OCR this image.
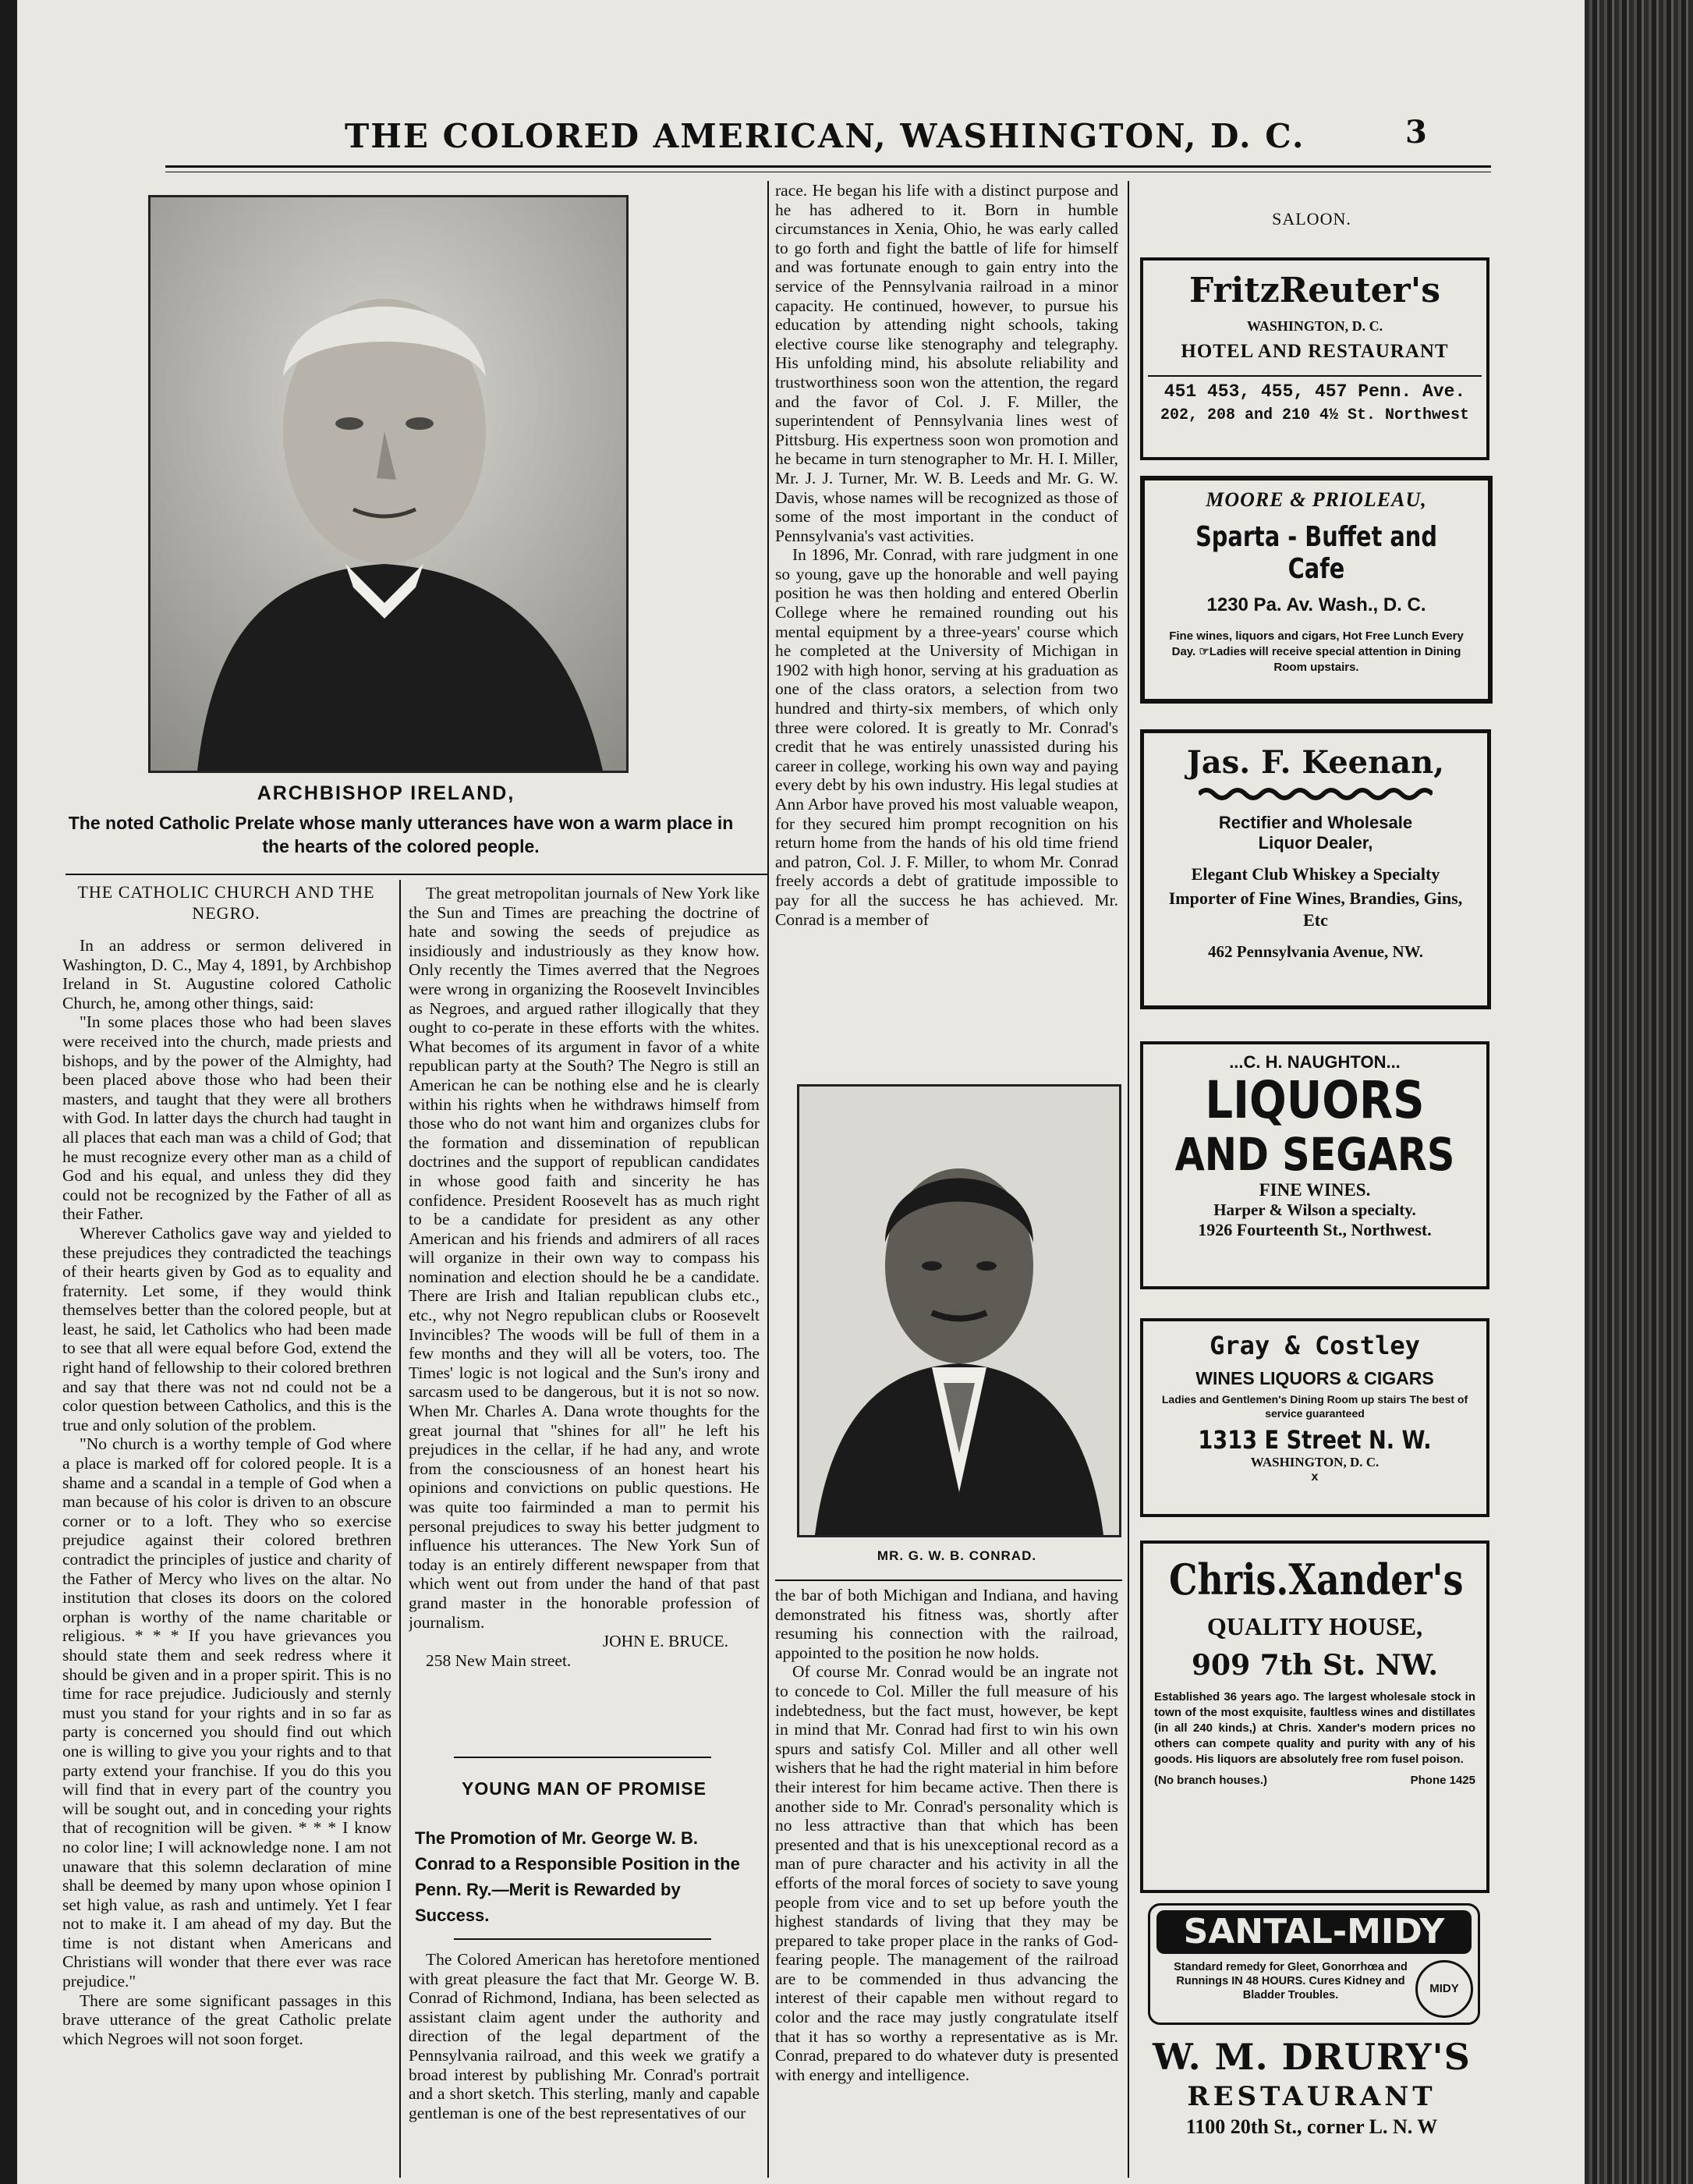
THE COLORED AMERICAN, WASHINGTON, D. C.	3
ARCHBISHOP IRELAND,
The noted Catholic Prelate whose manly utterances have won a warm place in the hearts of the colored people.
THE CATHOLIC CHURCH AND THE NEGRO.

In an address or sermon delivered in Washington, D. C., May 4, 1891, by Archbishop Ireland in St. Augustine colored Catholic Church, he, among other things, said:

"In some places those who had been slaves were received into the church, made priests and bishops, and by the power of the Almighty, had been placed above those who had been their masters, and taught that they were all brothers with God. In latter days the church had taught in all places that each man was a child of God; that he must recognize every other man as a child of God and his equal, and unless they did they could not be recognized by the Father of all as their Father.

Wherever Catholics gave way and yielded to these prejudices they contradicted the teachings of their hearts given by God as to equality and fraternity. Let some, if they would think themselves better than the colored people, but at least, he said, let Catholics who had been made to see that all were equal before God, extend the right hand of fellowship to their colored brethren and say that there was not nd could not be a color question between Catholics, and this is the true and only solution of the problem.

"No church is a worthy temple of God where a place is marked off for colored people. It is a shame and a scandal in a temple of God when a man because of his color is driven to an obscure corner or to a loft. They who so exercise prejudice against their colored brethren contradict the principles of justice and charity of the Father of Mercy who lives on the altar. No institution that closes its doors on the colored orphan is worthy of the name charitable or religious. * * * If you have grievances you should state them and seek redress where it should be given and in a proper spirit. This is no time for race prejudice. Judiciously and sternly must you stand for your rights and in so far as party is concerned you should find out which one is willing to give you your rights and to that party extend your franchise. If you do this you will find that in every part of the country you will be sought out, and in conceding your rights that of recognition will be given. * * * I know no color line; I will acknowledge none. I am not unaware that this solemn declaration of mine shall be deemed by many upon whose opinion I set high value, as rash and untimely. Yet I fear not to make it. I am ahead of my day. But the time is not distant when Americans and Christians will wonder that there ever was race prejudice."

There are some significant passages in this brave utterance of the great Catholic prelate which Negroes will not soon forget.

The great metropolitan journals of New York like the Sun and Times are preaching the doctrine of hate and sowing the seeds of prejudice as insidiously and industriously as they know how. Only recently the Times averred that the Negroes were wrong in organizing the Roosevelt Invincibles as Negroes, and argued rather illogically that they ought to co-perate in these efforts with the whites. What becomes of its argument in favor of a white republican party at the South? The Negro is still an American he can be nothing else and he is clearly within his rights when he withdraws himself from those who do not want him and organizes clubs for the formation and dissemination of republican doctrines and the support of republican candidates in whose good faith and sincerity he has confidence. President Roosevelt has as much right to be a candidate for president as any other American and his friends and admirers of all races will organize in their own way to compass his nomination and election should he be a candidate. There are Irish and Italian republican clubs etc., etc., why not Negro republican clubs or Roosevelt Invincibles? The woods will be full of them in a few months and they will all be voters, too. The Times' logic is not logical and the Sun's irony and sarcasm used to be dangerous, but it is not so now. When Mr. Charles A. Dana wrote thoughts for the great journal that "shines for all" he left his prejudices in the cellar, if he had any, and wrote from the consciousness of an honest heart his opinions and convictions on public questions. He was quite too fairminded a man to permit his personal prejudices to sway his better judgment to influence his utterances. The New York Sun of today is an entirely different newspaper from that which went out from under the hand of that past grand master in the honorable profession of journalism.

JOHN E. BRUCE.
258 New Main street.
YOUNG MAN OF PROMISE
The Promotion of Mr. George W. B. Conrad to a Responsible Position in the Penn. Ry.—Merit is Rewarded by Success.

The Colored American has heretofore mentioned with great pleasure the fact that Mr. George W. B. Conrad of Richmond, Indiana, has been selected as assistant claim agent under the authority and direction of the legal department of the Pennsylvania railroad, and this week we gratify a broad interest by publishing Mr. Conrad's portrait and a short sketch. This sterling, manly and capable gentleman is one of the best representatives of our

race. He began his life with a distinct purpose and he has adhered to it. Born in humble circumstances in Xenia, Ohio, he was early called to go forth and fight the battle of life for himself and was fortunate enough to gain entry into the service of the Pennsylvania railroad in a minor capacity. He continued, however, to pursue his education by attending night schools, taking elective course like stenography and telegraphy. His unfolding mind, his absolute reliability and trustworthiness soon won the attention, the regard and the favor of Col. J. F. Miller, the superintendent of Pennsylvania lines west of Pittsburg. His expertness soon won promotion and he became in turn stenographer to Mr. H. I. Miller, Mr. J. J. Turner, Mr. W. B. Leeds and Mr. G. W. Davis, whose names will be recognized as those of some of the most important in the conduct of Pennsylvania's vast activities.

In 1896, Mr. Conrad, with rare judgment in one so young, gave up the honorable and well paying position he was then holding and entered Oberlin College where he remained rounding out his mental equipment by a three-years' course which he completed at the University of Michigan in 1902 with high honor, serving at his graduation as one of the class orators, a selection from two hundred and thirty-six members, of which only three were colored. It is greatly to Mr. Conrad's credit that he was entirely unassisted during his career in college, working his own way and paying every debt by his own industry. His legal studies at Ann Arbor have proved his most valuable weapon, for they secured him prompt recognition on his return home from the hands of his old time friend and patron, Col. J. F. Miller, to whom Mr. Conrad freely accords a debt of gratitude impossible to pay for all the success he has achieved. Mr. Conrad is a member of

MR. G. W. B. CONRAD.

the bar of both Michigan and Indiana, and having demonstrated his fitness was, shortly after resuming his connection with the railroad, appointed to the position he now holds.

Of course Mr. Conrad would be an ingrate not to concede to Col. Miller the full measure of his indebtedness, but the fact must, however, be kept in mind that Mr. Conrad had first to win his own spurs and satisfy Col. Miller and all other well wishers that he had the right material in him before their interest for him became active. Then there is another side to Mr. Conrad's personality which is no less attractive than that which has been presented and that is his unexceptional record as a man of pure character and his activity in all the efforts of the moral forces of society to save young people from vice and to set up before youth the highest standards of living that they may be prepared to take proper place in the ranks of God-fearing people. The management of the railroad are to be commended in thus advancing the interest of their capable men without regard to color and the race may justly congratulate itself that it has so worthy a representative as is Mr. Conrad, prepared to do whatever duty is presented with energy and intelligence.

SALOON.
FritzReuter's
WASHINGTON, D. C.
HOTEL AND RESTAURANT
451 453, 455, 457 Penn. Ave.
202, 208 and 210 4½ St. Northwest
MOORE & PRIOLEAU,
Sparta - Buffet and Cafe
1230 Pa. Av. Wash., D. C.
Fine wines, liquors and cigars, Hot Free Lunch Every Day. ☞Ladies will receive special attention in Dining Room upstairs.
Jas. F. Keenan,
Rectifier and Wholesale
Liquor Dealer,
Elegant Club Whiskey a Specialty
Importer of Fine Wines, Brandies, Gins, Etc
462 Pennsylvania Avenue, NW.
...C. H. NAUGHTON...
LIQUORS
AND SEGARS
FINE WINES.
Harper & Wilson a specialty.
1926 Fourteenth St., Northwest.
Gray & Costley
WINES LIQUORS & CIGARS
Ladies and Gentlemen's Dining Room up stairs The best of service guaranteed
1313 E Street N. W.
WASHINGTON, D. C.
x
Chris.Xander's
QUALITY HOUSE,
909 7th St. NW.
Established 36 years ago. The largest wholesale stock in town of the most exquisite, faultless wines and distillates (in all 240 kinds,) at Chris. Xander's modern prices no others can compete quality and purity with any of his goods. His liquors are absolutely free rom fusel poison.
(No branch houses.)	Phone 1425
SANTAL-MIDY
Standard remedy for Gleet, Gonorrhœa and Runnings IN 48 HOURS. Cures Kidney and Bladder Troubles.	MIDY
W. M. DRURY'S
RESTAURANT
1100 20th St., corner L. N. W
